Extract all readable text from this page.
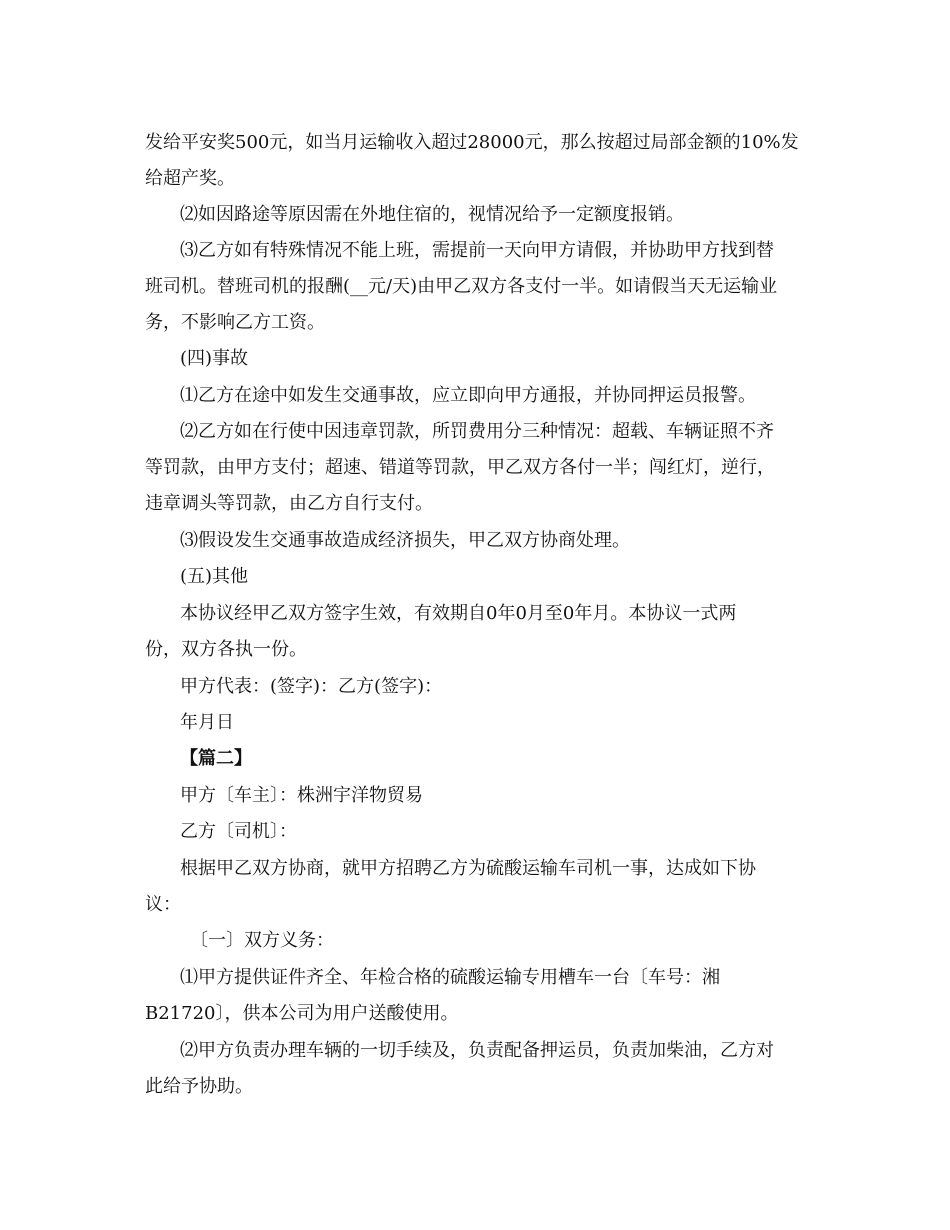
发给平安奖500元，如当月运输收入超过28000元，那么按超过局部金额的10%发

给超产奖。

⑵如因路途等原因需在外地住宿的，视情况给予一定额度报销。

⑶乙方如有特殊情况不能上班，需提前一天向甲方请假，并协助甲方找到替

班司机。替班司机的报酬(__元/天)由甲乙双方各支付一半。如请假当天无运输业

务，不影响乙方工资。

(四)事故

⑴乙方在途中如发生交通事故，应立即向甲方通报，并协同押运员报警。

⑵乙方如在行使中因违章罚款，所罚费用分三种情况：超载、车辆证照不齐

等罚款，由甲方支付；超速、错道等罚款，甲乙双方各付一半；闯红灯，逆行，

违章调头等罚款，由乙方自行支付。

⑶假设发生交通事故造成经济损失，甲乙双方协商处理。

(五)其他

本协议经甲乙双方签字生效，有效期自0年0月至0年月。本协议一式两

份，双方各执一份。

甲方代表：(签字)：乙方(签字)：

年月日

【篇二】

甲方〔车主〕：株洲宇洋物贸易

乙方〔司机〕：

根据甲乙双方协商，就甲方招聘乙方为硫酸运输车司机一事，达成如下协

议：

〔一〕双方义务：

⑴甲方提供证件齐全、年检合格的硫酸运输专用槽车一台〔车号：湘

B21720〕，供本公司为用户送酸使用。

⑵甲方负责办理车辆的一切手续及，负责配备押运员，负责加柴油，乙方对

此给予协助。
